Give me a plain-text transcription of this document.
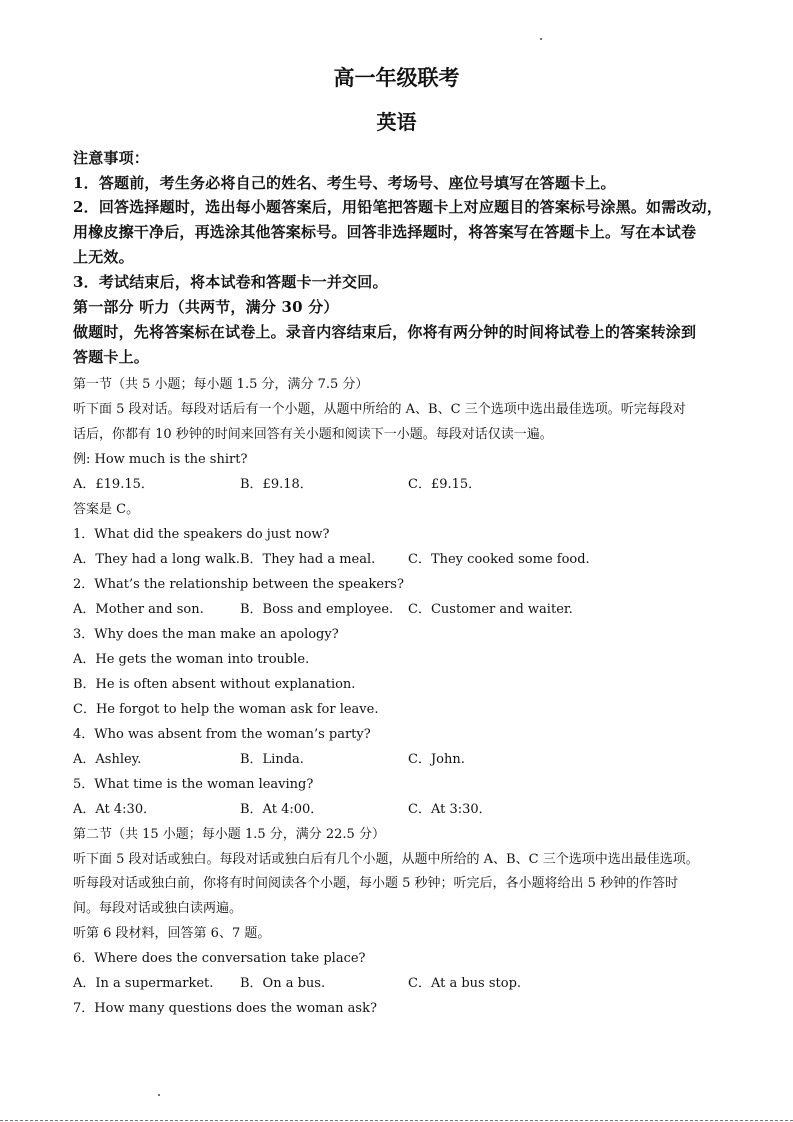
高一年级联考
英语
注意事项：
1．答题前，考生务必将自己的姓名、考生号、考场号、座位号填写在答题卡上。
2．回答选择题时，选出每小题答案后，用铅笔把答题卡上对应题目的答案标号涂黑。如需改动，
用橡皮擦干净后，再选涂其他答案标号。回答非选择题时，将答案写在答题卡上。写在本试卷
上无效。
3．考试结束后，将本试卷和答题卡一并交回。
第一部分 听力（共两节，满分 30 分）
做题时，先将答案标在试卷上。录音内容结束后，你将有两分钟的时间将试卷上的答案转涂到
答题卡上。
第一节（共 5 小题；每小题 1.5 分，满分 7.5 分）
听下面 5 段对话。每段对话后有一个小题，从题中所给的 A、B、C 三个选项中选出最佳选项。听完每段对
话后，你都有 10 秒钟的时间来回答有关小题和阅读下一小题。每段对话仅读一遍。
例: How much is the shirt?
A．£19.15．	B．£9.18．	C．£9.15．
答案是 C。
1．What did the speakers do just now?
A．They had a long walk. B．They had a meal.	C．They cooked some food.
2．What’s the relationship between the speakers?
A．Mother and son.	B．Boss and employee. C．Customer and waiter.
3．Why does the man make an apology?
A．He gets the woman into trouble.
B．He is often absent without explanation.
C．He forgot to help the woman ask for leave.
4．Who was absent from the woman’s party?
A．Ashley.	B．Linda.	C．John.
5．What time is the woman leaving?
A．At 4:30．	B．At 4:00．	C．At 3:30．
第二节（共 15 小题；每小题 1.5 分，满分 22.5 分）
听下面 5 段对话或独白。每段对话或独白后有几个小题，从题中所给的 A、B、C 三个选项中选出最佳选项。
听每段对话或独白前，你将有时间阅读各个小题，每小题 5 秒钟；听完后，各小题将给出 5 秒钟的作答时
间。每段对话或独白读两遍。
听第 6 段材料，回答第 6、7 题。
6．Where does the conversation take place?
A．In a supermarket. B．On a bus.	C．At a bus stop.
7．How many questions does the woman ask?
